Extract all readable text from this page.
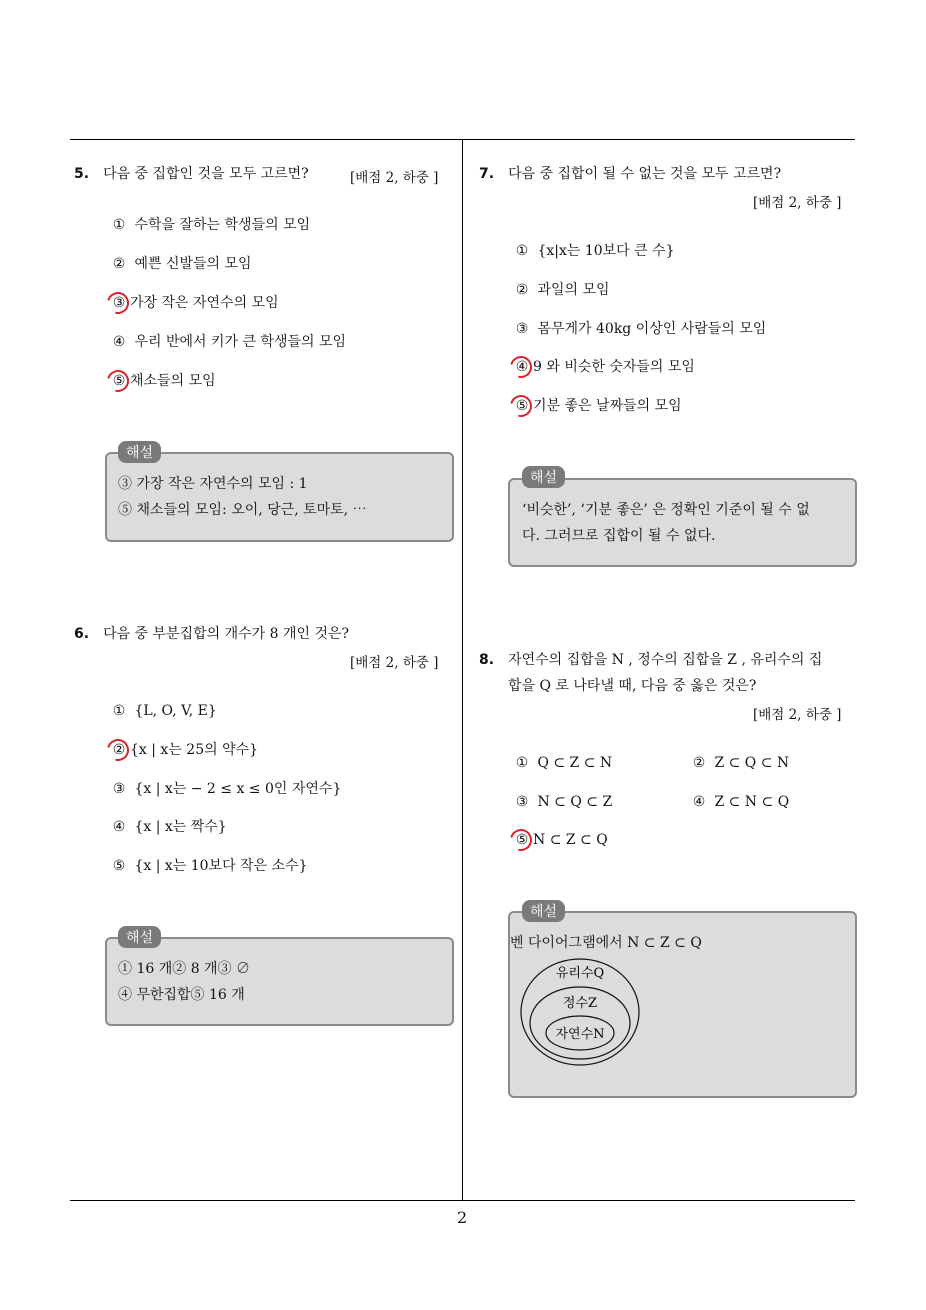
5. 다음 중 집합인 것을 모두 고르면?	[배점 2, 하중 ]
① 수학을 잘하는 학생들의 모임
② 예쁜 신발들의 모임
③ 가장 작은 자연수의 모임
④ 우리 반에서 키가 큰 학생들의 모임
⑤ 채소들의 모임
해설
③ 가장 작은 자연수의 모임 : 1
⑤ 채소들의 모임: 오이, 당근, 토마토, ⋯
6. 다음 중 부분집합의 개수가 8 개인 것은?
[배점 2, 하중 ]
① {L, O, V, E}
② {x | x는 25의 약수}
③ {x | x는 − 2 ≤ x ≤ 0인 자연수}
④ {x | x는 짝수}
⑤ {x | x는 10보다 작은 소수}
해설
① 16 개② 8 개③ ∅
④ 무한집합⑤ 16 개
7. 다음 중 집합이 될 수 없는 것을 모두 고르면?
[배점 2, 하중 ]
① {x|x는 10보다 큰 수}
② 과일의 모임
③ 몸무게가 40kg 이상인 사람들의 모임
④ 9 와 비슷한 숫자들의 모임
⑤ 기분 좋은 날짜들의 모임
해설
‘비슷한’, ‘기분 좋은’ 은 정확인 기준이 될 수 없
다. 그러므로 집합이 될 수 없다.
8. 자연수의 집합을 N , 정수의 집합을 Z , 유리수의 집
합을 Q 로 나타낼 때, 다음 중 옳은 것은?
[배점 2, 하중 ]
① Q ⊂ Z ⊂ N	② Z ⊂ Q ⊂ N
③ N ⊂ Q ⊂ Z	④ Z ⊂ N ⊂ Q
⑤ N ⊂ Z ⊂ Q
해설
벤 다이어그램에서 N ⊂ Z ⊂ Q
유리수Q
정수Z
자연수N
2
